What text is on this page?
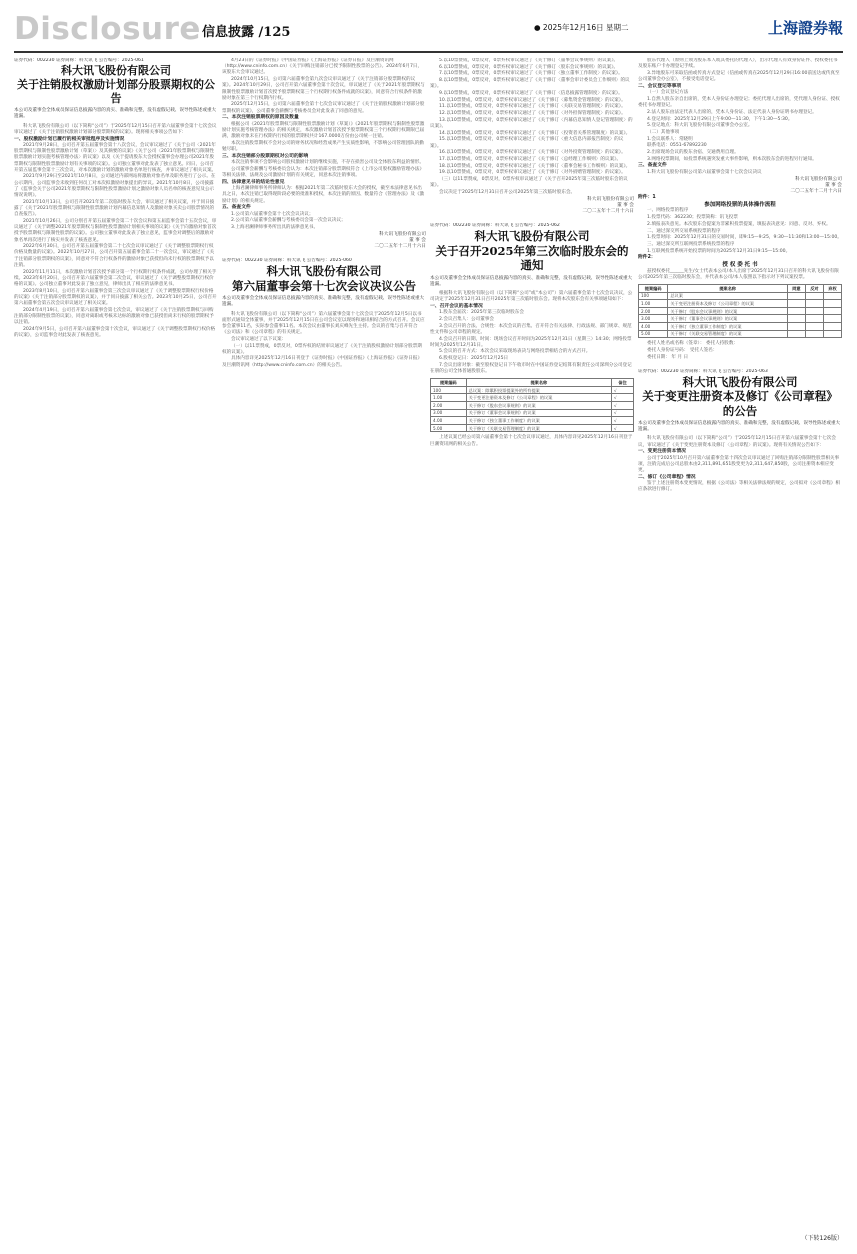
Disclosure 信息披露 /125	● 2025年12月16日 星期二	上海證券報
证券代码：002230 证券简称：科大讯飞 公告编号：2025-061
科大讯飞股份有限公司
关于注销股权激励计划部分股票期权的公告
本公司及董事会全体成员保证信息披露内容的真实、准确和完整，没有虚假记载、误导性陈述或重大遗漏。
科大讯飞股份有限公司（以下简称“公司”）于2025年12月15日召开第六届董事会第十七次会议审议通过了《关于注销股权激励计划部分股票期权的议案》。现将相关事项公告如下：
一、股权激励计划已履行的相关审批程序及实施情况
2021年9月28日，公司召开第五届董事会第十八次会议，会议审议通过了《关于公司〈2021年股票期权与限制性股票激励计划（草案）〉及其摘要的议案》《关于公司〈2021年股票期权与限制性股票激励计划实施考核管理办法〉的议案》以及《关于提请股东大会授权董事会办理公司2021年股票期权与限制性股票激励计划有关事项的议案》。公司独立董事对此发表了独立意见。同日，公司召开第五届监事会第十三次会议，对本次激励计划的激励对象名单进行核查，并审议通过了相关议案。
2021年9月29日至2021年10月8日，公司通过内部网站将激励对象名单及职务进行了公示。在公示期内，公司监事会未收到任何员工对本次拟激励对象提出的异议。2021年10月8日，公司披露了《监事会关于公司2021年股票期权与限制性股票激励计划之激励对象人员名单的核查意见及公示情况说明》。
2021年10月13日，公司召开2021年第二次临时股东大会，审议通过了相关议案，并于同日披露了《关于2021年股票期权与限制性股票激励计划内幕信息知情人及激励对象买卖公司股票情况的自查报告》。
2021年10月26日，公司分别召开第五届董事会第二十次会议和第五届监事会第十五次会议，审议通过了《关于调整2021年股票期权与限制性股票激励计划相关事项的议案》《关于向激励对象首次授予股票期权与限制性股票的议案》。公司独立董事对此发表了独立意见，监事会对调整后的激励对象名单再次进行了核实并发表了核查意见。
2022年6月30日，公司召开第五届董事会第二十七次会议审议通过了《关于调整股票期权行权价格及数量的议案》。2022年10月27日，公司召开第五届董事会第二十一次会议，审议通过了《关于注销部分股票期权的议案》，同意对不符合行权条件的激励对象已获授但尚未行权的股票期权予以注销。
2022年11月11日，本次激励计划首次授予部分第一个行权期行权条件成就，公司办理了相关手续。2023年6月20日，公司召开第六届董事会第二次会议，审议通过了《关于调整股票期权行权价格的议案》。公司独立董事对此发表了独立意见，律师出具了相应的法律意见书。
2023年8月10日，公司召开第六届董事会第三次会议审议通过了《关于调整股票期权行权价格的议案》《关于注销部分股票期权的议案》，并于同日披露了相关公告。2023年10月25日，公司召开第六届董事会第五次会议审议通过了相关议案。
2024年4月19日，公司召开第六届董事会第七次会议，审议通过了《关于注销股票期权与回购注销部分限制性股票的议案》，同意对离职或考核未达标的激励对象已获授但尚未行权的股票期权予以注销。
2024年9月5日，公司召开第六届董事会第十次会议，审议通过了《关于调整股票期权行权价格的议案》，公司监事会对此发表了核查意见。
4月23日的《证券时报》《中国证券报》《上海证券报》《证券日报》及巨潮资讯网（http://www.cninfo.com.cn）《关于回购注销部分已授予限制性股票的公告》。2024年6月7日，该股东大会审议通过。
2024年10月15日，公司第六届董事会第九次会议审议通过了《关于注销部分股票期权的议案》。2024年10月29日，公司召开第六届董事会第十次会议，审议通过了《关于2021年股票期权与限制性股票激励计划首次授予股票期权第三个行权期行权条件成就的议案》，同意符合行权条件的激励对象在第三个行权期内行权。
2025年12月15日，公司第六届董事会第十七次会议审议通过了《关于注销股权激励计划部分股票期权的议案》，公司董事会薪酬与考核委员会对此发表了同意的意见。
二、本次注销股票期权的原因及数量
根据公司《2021年股票期权与限制性股票激励计划（草案）》《2021年股票期权与限制性股票激励计划实施考核管理办法》的相关规定，本次激励计划首次授予股票期权第三个行权期行权期限已届满，激励对象未在行权期内行权的股票期权共计167.0000万份由公司统一注销。
本次注销股票期权不会对公司的财务状况和经营成果产生实质性影响，不影响公司管理团队的勤勉尽职。
三、本次注销部分股票期权对公司的影响
本次注销事项不会影响公司股权激励计划的继续实施，不存在损害公司及全体股东利益的情形。
公司董事会薪酬与考核委员会认为：本次注销部分股票期权符合《上市公司股权激励管理办法》等相关法律、法规及公司激励计划的有关规定，同意本次注销事项。
四、法律意见书的结论性意见
上海君澜律师事务所律师认为：根据2021年第二次临时股东大会的授权，截至本法律意见书出具之日，本次注销已取得现阶段必要的批准和授权，本次注销的原因、数量符合《管理办法》及《激励计划》的相关规定。
五、备查文件
1.公司第六届董事会第十七次会议决议；
2.公司第六届董事会薪酬与考核委员会第一次会议决议；
3.上海君澜律师事务所出具的法律意见书。
科大讯飞股份有限公司
董 事 会
二〇二五年十二月十六日
证券代码：002230 证券简称：科大讯飞 公告编号：2025-060
科大讯飞股份有限公司
第六届董事会第十七次会议决议公告
本公司及董事会全体成员保证信息披露内容的真实、准确和完整，没有虚假记载、误导性陈述或重大遗漏。
科大讯飞股份有限公司（以下简称“公司”）第六届董事会第十七次会议于2025年12月5日以书面形式通知全体董事，并于2025年12月15日在公司会议室以现场和通讯相结合的方式召开。会议应参会董事11名，实际参会董事11名。本次会议由董事长刘庆峰先生主持。会议的召集与召开符合《公司法》和《公司章程》的有关规定。
会议审议通过了以下议案：
（一）以11票赞成，0票反对，0票弃权的结果审议通过了《关于注销股权激励计划部分股票期权的议案》。
具体内容详见2025年12月16日刊登于《证券时报》《中国证券报》《上海证券报》《证券日报》及巨潮资讯网（http://www.cninfo.com.cn）的相关公告。
5.以10票赞成，0票反对，0票弃权审议通过了《关于修订〈董事会议事规则〉的议案》。
6.以10票赞成，0票反对，0票弃权审议通过了《关于修订〈股东会议事规则〉的议案》。
7.以10票赞成，0票反对，0票弃权审议通过了《关于修订〈独立董事工作制度〉的议案》。
8.以10票赞成，0票反对，0票弃权审议通过了《关于修订〈董事会审计委员会工作细则〉的议案》。
9.以10票赞成，0票反对，0票弃权审议通过了《关于修订〈信息披露管理制度〉的议案》。
10.以10票赞成，0票反对，0票弃权审议通过了《关于修订〈募集资金管理制度〉的议案》。
11.以10票赞成，0票反对，0票弃权审议通过了《关于修订〈关联交易管理制度〉的议案》。
12.以10票赞成，0票反对，0票弃权审议通过了《关于修订〈对外担保管理制度〉的议案》。
13.以10票赞成，0票反对，0票弃权审议通过了《关于修订〈内幕信息知情人登记管理制度〉的议案》。
14.以10票赞成，0票反对，0票弃权审议通过了《关于修订〈投资者关系管理制度〉的议案》。
15.以10票赞成，0票反对，0票弃权审议通过了《关于修订〈重大信息内部报告制度〉的议案》。
16.以10票赞成，0票反对，0票弃权审议通过了《关于修订〈对外投资管理制度〉的议案》。
17.以10票赞成，0票反对，0票弃权审议通过了《关于修订〈总经理工作细则〉的议案》。
18.以10票赞成，0票反对，0票弃权审议通过了《关于修订〈董事会秘书工作细则〉的议案》。
19.以10票赞成，0票反对，0票弃权审议通过了《关于修订〈对外捐赠管理制度〉的议案》。
（三）以11票赞成，0票反对，0票弃权审议通过了《关于召开2025年第三次临时股东会的议案》。
会议决定于2025年12月31日召开公司2025年第三次临时股东会。
科大讯飞股份有限公司
董 事 会
二〇二五年十二月十六日
证券代码：002230 证券简称：科大讯飞 公告编号：2025-062
科大讯飞股份有限公司
关于召开2025年第三次临时股东会的通知
本公司及董事会全体成员保证信息披露内容的真实、准确和完整，没有虚假记载、误导性陈述或重大遗漏。
根据科大讯飞股份有限公司（以下简称“公司”或“本公司”）第六届董事会第十七次会议决议，公司决定于2025年12月31日召开2025年第三次临时股东会。现将本次股东会有关事项通知如下：
一、召开会议的基本情况
1.股东会届次：2025年第三次临时股东会
2.会议召集人：公司董事会
3.会议召开的合法、合规性：本次会议的召集、召开符合有关法律、行政法规、部门规章、规范性文件和公司章程的规定。
4.会议召开的日期、时间：现场会议召开时间为2025年12月31日（星期三）14:30；网络投票时间为2025年12月31日。
5.会议的召开方式：本次会议采取现场表决与网络投票相结合的方式召开。
6.股权登记日：2025年12月25日
7.会议出席对象：截至股权登记日下午收市时在中国证券登记结算有限责任公司深圳分公司登记在册的公司全体普通股股东。
提案编码	提案名称	备注
100	总议案：除累积投票提案外的所有提案	√
1.00	关于变更注册资本及修订《公司章程》的议案	√
2.00	关于修订《股东会议事规则》的议案	√
3.00	关于修订《董事会议事规则》的议案	√
4.00	关于修订《独立董事工作制度》的议案	√
5.00	关于修订《关联交易管理制度》的议案	√
上述议案已经公司第六届董事会第十七次会议审议通过，具体内容详见2025年12月16日刊登于巨潮资讯网的相关公告。
股东代理人（原则上须为股东本人或其委托的代理人），出示代理人有效身份证件、授权委托书及股东账户卡办理登记手续。
3.异地股东可采取信函或传真方式登记（信函或传真在2025年12月29日16:00前送达或传真至公司董事会办公室），不接受电话登记。
二、会议登记等事项
（一）会议登记方法
1.自然人股东亲自出席的，凭本人身份证办理登记；委托代理人出席的，凭代理人身份证、授权委托书办理登记。
2.法人股东由法定代表人出席的，凭本人身份证、法定代表人身份证明书办理登记。
4.登记时间：2025年12月29日上午9:00—11:30，下午1:30—5:30。
5.登记地点：科大讯飞股份有限公司董事会办公室。
（二）其他事项
1.会议联系人：常晓明
联系电话：0551-67892230
2.出席现场会议的股东食宿、交通费用自理。
3.网络投票期间，如投票系统遇突发重大事件影响，则本次股东会的进程另行通知。
三、备查文件
1.科大讯飞股份有限公司第六届董事会第十七次会议决议
科大讯飞股份有限公司
董 事 会
二〇二五年十二月十六日
附件：1
参加网络投票的具体操作流程
一、网络投票的程序
1.投票代码：362230；投票简称：讯飞投票
2.填报表决意见。本次股东会提案为非累积投票提案，填报表决意见：同意、反对、弃权。
二、通过深交所交易系统投票的程序
1.投票时间：2025年12月31日的交易时间，即9:15—9:25，9:30—11:30和13:00—15:00。
三、通过深交所互联网投票系统投票的程序
1.互联网投票系统开始投票的时间为2025年12月31日9:15—15:00。
附件2：
授 权 委 托 书
兹授权委托______先生/女士代表本公司/本人出席于2025年12月31日召开的科大讯飞股份有限公司2025年第三次临时股东会，并代表本公司/本人依照以下指示对下列议案投票。
提案编码	提案名称	同意	反对	弃权
100	总议案			
1.00	关于变更注册资本及修订《公司章程》的议案			
2.00	关于修订《股东会议事规则》的议案			
3.00	关于修订《董事会议事规则》的议案			
4.00	关于修订《独立董事工作制度》的议案			
5.00	关于修订《关联交易管理制度》的议案			
委托人姓名或名称（签章）： 委托人持股数：
委托人身份证号码： 受托人签名：
委托日期： 年 月 日
证券代码：002230 证券简称：科大讯飞 公告编号：2025-063
科大讯飞股份有限公司
关于变更注册资本及修订《公司章程》的公告
本公司及董事会全体成员保证信息披露内容的真实、准确和完整，没有虚假记载、误导性陈述或重大遗漏。
科大讯飞股份有限公司（以下简称“公司”）于2025年12月15日召开第六届董事会第十七次会议，审议通过了《关于变更注册资本及修订〈公司章程〉的议案》。现将有关情况公告如下：
一、变更注册资本情况
公司于2025年10月召开第六届董事会第十四次会议审议通过了回购注销部分限制性股票相关事项，注销完成后公司总股本由2,311,891,651股变更为2,311,647,850股，公司注册资本相应变更。
二、修订《公司章程》情况
鉴于上述注册资本变更情况，根据《公司法》等相关法律法规的规定，公司拟对《公司章程》相应条款进行修订。
（下转126版）
